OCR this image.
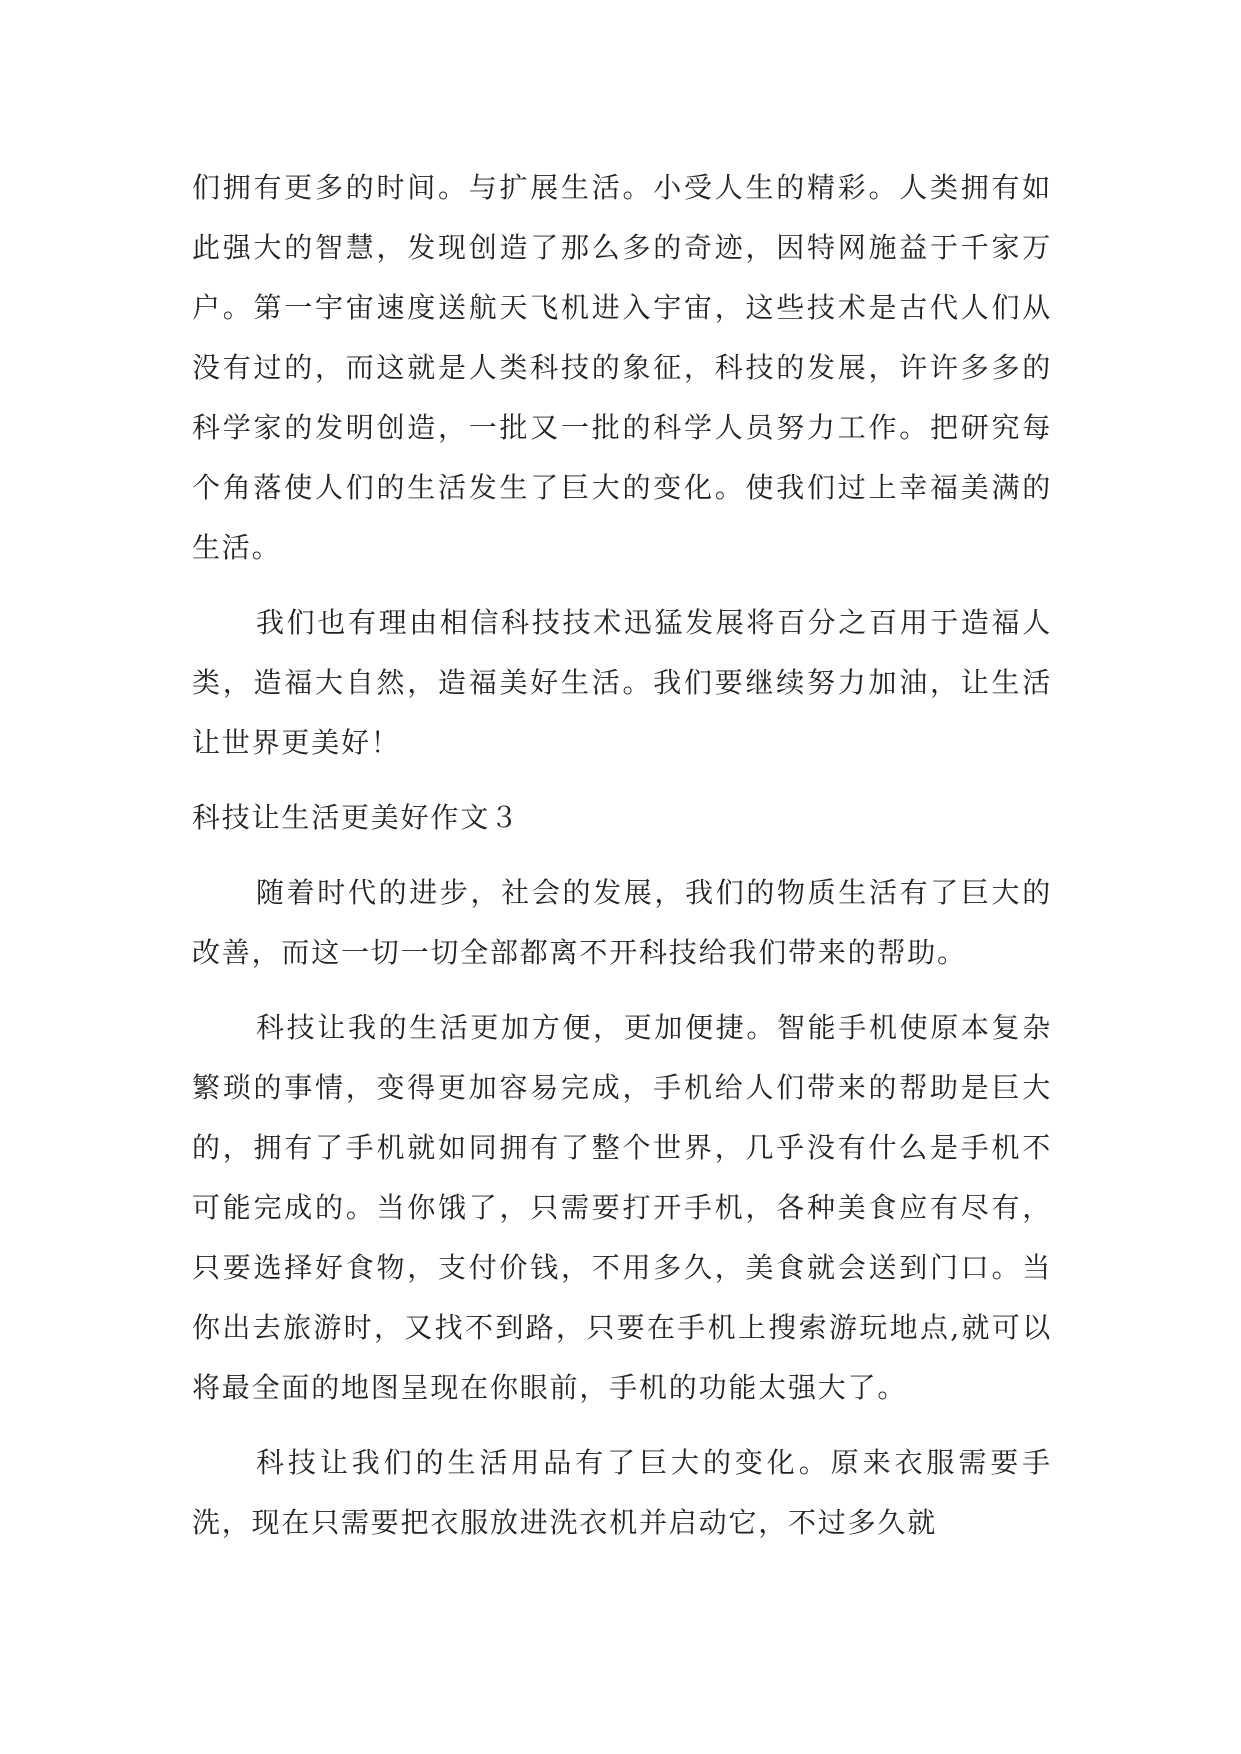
们拥有更多的时间。与扩展生活。小受人生的精彩。人类拥有如此强大的智慧，发现创造了那么多的奇迹，因特网施益于千家万户。第一宇宙速度送航天飞机进入宇宙，这些技术是古代人们从没有过的，而这就是人类科技的象征，科技的发展，许许多多的科学家的发明创造，一批又一批的科学人员努力工作。把研究每个角落使人们的生活发生了巨大的变化。使我们过上幸福美满的生活。

我们也有理由相信科技技术迅猛发展将百分之百用于造福人类，造福大自然，造福美好生活。我们要继续努力加油，让生活让世界更美好！

科技让生活更美好作文３

随着时代的进步，社会的发展，我们的物质生活有了巨大的改善，而这一切一切全部都离不开科技给我们带来的帮助。

科技让我的生活更加方便，更加便捷。智能手机使原本复杂繁琐的事情，变得更加容易完成，手机给人们带来的帮助是巨大的，拥有了手机就如同拥有了整个世界，几乎没有什么是手机不可能完成的。当你饿了，只需要打开手机，各种美食应有尽有，只要选择好食物，支付价钱，不用多久，美食就会送到门口。当你出去旅游时，又找不到路，只要在手机上搜索游玩地点,就可以将最全面的地图呈现在你眼前，手机的功能太强大了。

科技让我们的生活用品有了巨大的变化。原来衣服需要手洗，现在只需要把衣服放进洗衣机并启动它，不过多久就
